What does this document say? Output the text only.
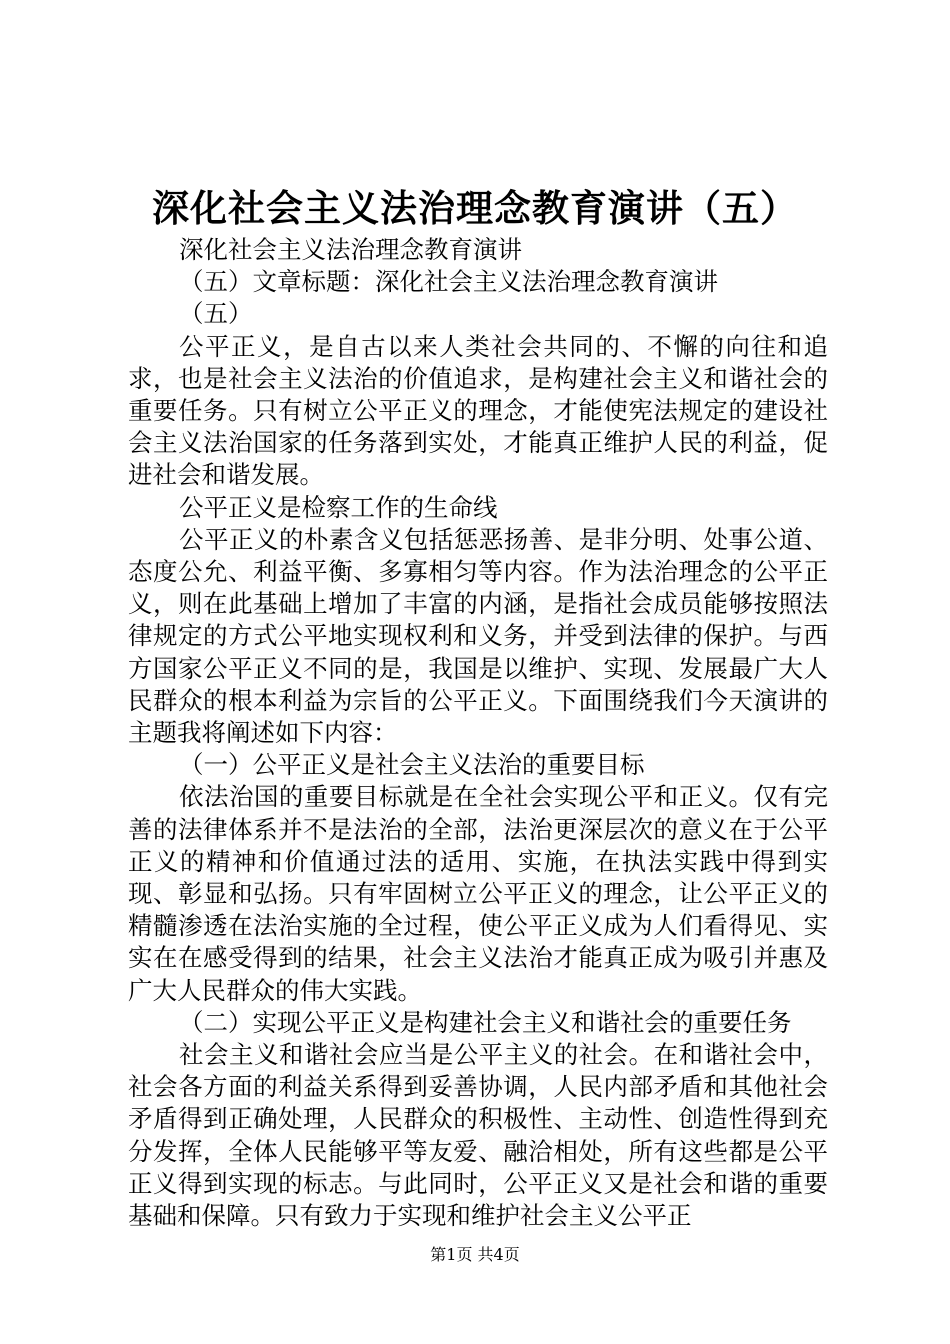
深化社会主义法治理念教育演讲（五）

深化社会主义法治理念教育演讲

（五）文章标题：深化社会主义法治理念教育演讲

（五）

公平正义，是自古以来人类社会共同的、不懈的向往和追求，也是社会主义法治的价值追求，是构建社会主义和谐社会的重要任务。只有树立公平正义的理念，才能使宪法规定的建设社会主义法治国家的任务落到实处，才能真正维护人民的利益，促进社会和谐发展。

公平正义是检察工作的生命线

公平正义的朴素含义包括惩恶扬善、是非分明、处事公道、态度公允、利益平衡、多寡相匀等内容。作为法治理念的公平正义，则在此基础上增加了丰富的内涵，是指社会成员能够按照法律规定的方式公平地实现权利和义务，并受到法律的保护。与西方国家公平正义不同的是，我国是以维护、实现、发展最广大人民群众的根本利益为宗旨的公平正义。下面围绕我们今天演讲的主题我将阐述如下内容：

（一）公平正义是社会主义法治的重要目标

依法治国的重要目标就是在全社会实现公平和正义。仅有完善的法律体系并不是法治的全部，法治更深层次的意义在于公平正义的精神和价值通过法的适用、实施，在执法实践中得到实现、彰显和弘扬。只有牢固树立公平正义的理念，让公平正义的精髓渗透在法治实施的全过程，使公平正义成为人们看得见、实实在在感受得到的结果，社会主义法治才能真正成为吸引并惠及广大人民群众的伟大实践。

（二）实现公平正义是构建社会主义和谐社会的重要任务

社会主义和谐社会应当是公平主义的社会。在和谐社会中，社会各方面的利益关系得到妥善协调，人民内部矛盾和其他社会矛盾得到正确处理，人民群众的积极性、主动性、创造性得到充分发挥，全体人民能够平等友爱、融洽相处，所有这些都是公平正义得到实现的标志。与此同时，公平正义又是社会和谐的重要基础和保障。只有致力于实现和维护社会主义公平正

第1页 共4页
